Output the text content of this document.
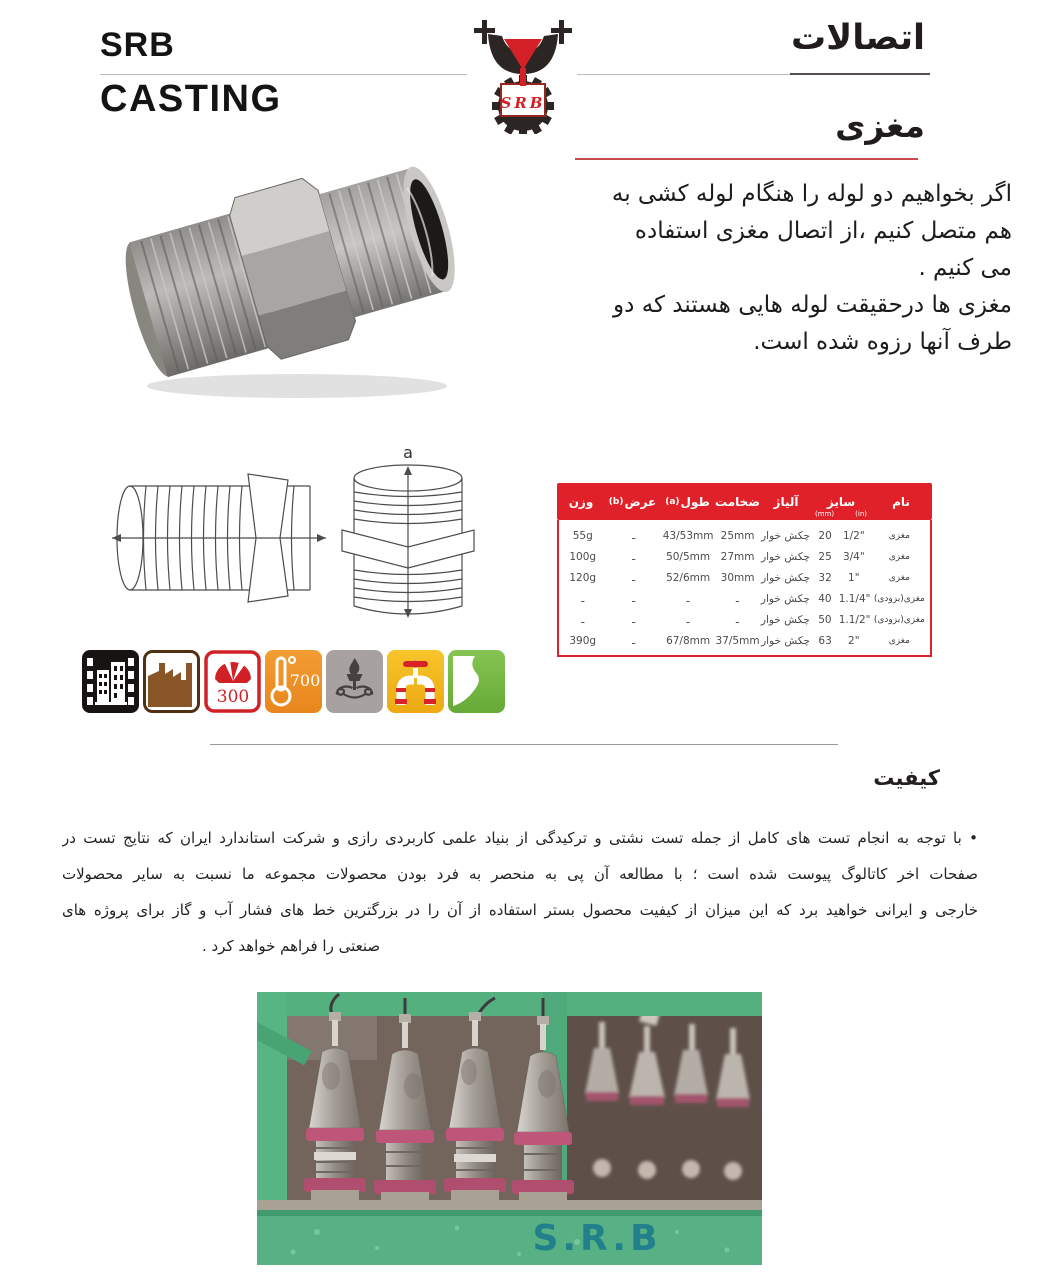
SRB
CASTING	SRB
اتصالات
مغزی
اگر بخواهیم دو لوله را هنگام لوله کشی به
هم متصل کنیم ،از اتصال مغزی استفاده
می کنیم .
مغزی ها درحقیقت لوله هایی هستند که دو
طرف آنها رزوه شده است.
a
نام
سایز
(in)
(mm)
آلیاژ
ضخامت
طول
(a)
عرض
(b)
وزن
مغزی
1/2"
20
چکش خوار
25mm
43/53mm
ـ
55g
مغزی
3/4"
25
چکش خوار
27mm
50/5mm
ـ
100g
مغزی
1"
32
چکش خوار
30mm
52/6mm
ـ
120g
مغزی(بزودی)
1.1/4"
40
چکش خوار
ـ
ـ
ـ
ـ
مغزی(بزودی)
1.1/2"
50
چکش خوار
ـ
ـ
ـ
ـ
مغزی
2"
63
چکش خوار
37/5mm
67/8mm
ـ
390g
300
700
کیفیت
• با توجه به انجام تست های کامل از جمله تست نشتی و ترکیدگی از بنیاد علمی کاربردی رازی و شرکت استاندارد ایران که نتایج تست در
صفحات اخر کاتالوگ پیوست شده است ؛ با مطالعه آن پی به منحصر به فرد بودن محصولات مجموعه ما نسبت به سایر محصولات
خارجی و ایرانی خواهید برد که این میزان از کیفیت محصول بستر استفاده از آن را در بزرگترین خط های فشار آب و گاز برای پروژه های
صنعتی را فراهم خواهد کرد .
S.R.B
